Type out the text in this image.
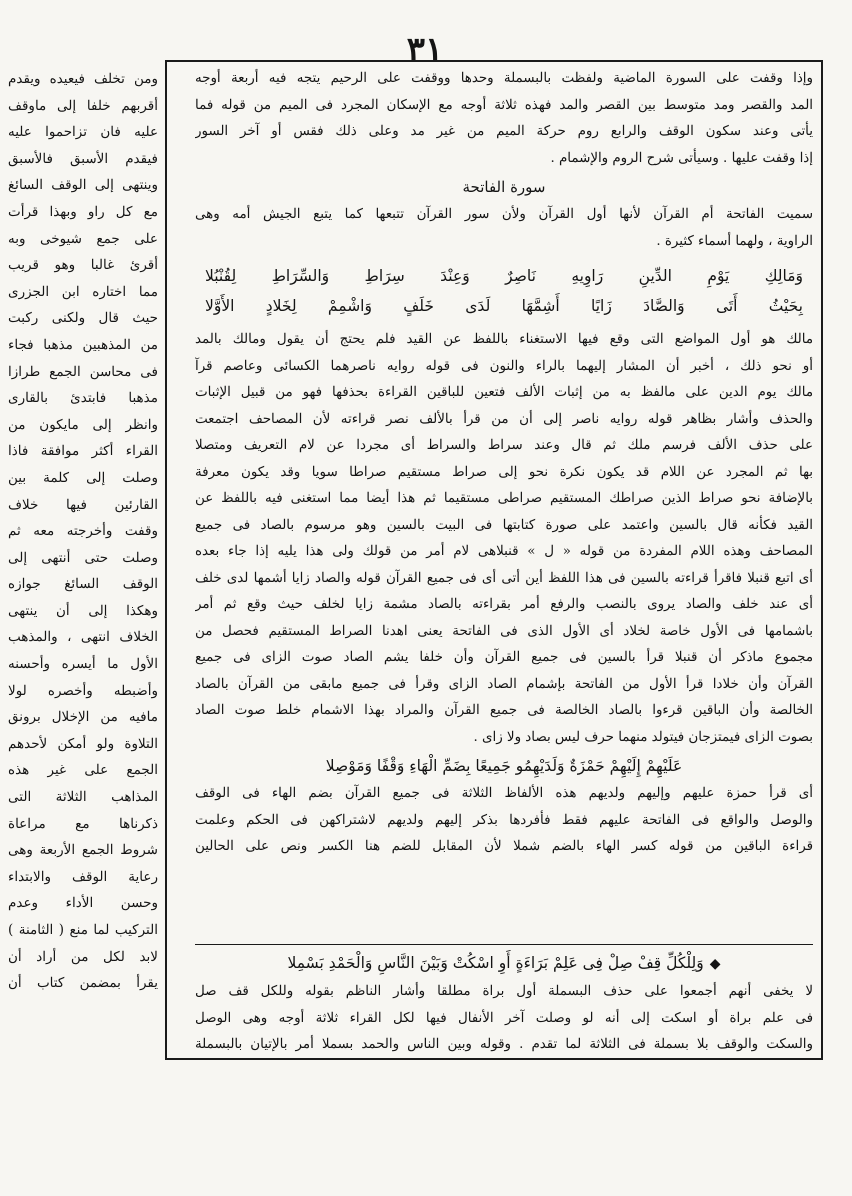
٣١

وإذا وقفت على السورة الماضية ولفظت بالبسملة وحدها ووقفت على الرحيم يتجه فيه أربعة أوجه

المد والقصر ومد متوسط بين القصر والمد فهذه ثلاثة أوجه مع الإسكان المجرد فى الميم من قوله فما

يأتى وعند سكون الوقف والرابع روم حركة الميم من غير مد وعلى ذلك فقس أو آخر السور

إذا وقفت عليها . وسيأتى شرح الروم والإشمام .

سورة الفاتحة

سميت الفاتحة أم القرآن لأنها أول القرآن ولأن سور القرآن تتبعها كما يتبع الجيش أمه وهى

الراوية ، ولهما أسماء كثيرة .

وَمَالِكِ يَوْمِ الدِّينِ رَاوِيهِ نَاصِرٌ وَعِنْدَ سِرَاطِ وَالسِّرَاطِ لِقُنْبُلا

بِحَيْثُ أَتَى وَالصَّادَ زَايًا أَشِمَّهَا لَدَى خَلَفٍ وَاشْمِمْ لِخَلادٍ الأَوَّلا

مالك هو أول المواضع التى وقع فيها الاستغناء باللفظ عن القيد فلم يحتج أن يقول ومالك بالمد

أو نحو ذلك ، أخبر أن المشار إليهما بالراء والنون فى قوله روايه ناصرهما الكسائى وعاصم قرآ

مالك يوم الدين على مالفظ به من إثبات الألف فتعين للباقين القراءة بحذفها فهو من قبيل الإثبات

والحذف وأشار بظاهر قوله روايه ناصر إلى أن من قرأ بالألف نصر قراءته لأن المصاحف اجتمعت

على حذف الألف فرسم ملك ثم قال وعند سراط والسراط أى مجردا عن لام التعريف ومتصلا

بها ثم المجرد عن اللام قد يكون نكرة نحو إلى صراط مستقيم صراطا سويا وقد يكون معرفة

بالإضافة نحو صراط الذين صراطك المستقيم صراطى مستقيما ثم هذا أيضا مما استغنى فيه باللفظ عن

القيد فكأنه قال بالسين واعتمد على صورة كتابتها فى البيت بالسين وهو مرسوم بالصاد فى جميع

المصاحف وهذه اللام المفردة من قوله « ل » قنبلاهى لام أمر من قولك ولى هذا يليه إذا جاء بعده

أى اتبع قنبلا فاقرأ قراءته بالسين فى هذا اللفظ أين أتى أى فى جميع القرآن قوله والصاد زايا أشمها لدى خلف

أى عند خلف والصاد يروى بالنصب والرفع أمر بقراءته بالصاد مشمة زايا لخلف حيث وقع ثم أمر

باشمامها فى الأول خاصة لخلاد أى الأول الذى فى الفاتحة يعنى اهدنا الصراط المستقيم فحصل من

مجموع ماذكر أن قنبلا قرأ بالسين فى جميع القرآن وأن خلفا يشم الصاد صوت الزاى فى جميع

القرآن وأن خلادا قرأ الأول من الفاتحة بإشمام الصاد الزاى وقرأ فى جميع مابقى من القرآن بالصاد

الخالصة وأن الباقين قرءوا بالصاد الخالصة فى جميع القرآن والمراد بهذا الاشمام خلط صوت الصاد

بصوت الزاى فيمتزجان فيتولد منهما حرف ليس بصاد ولا زاى .

عَلَيْهِمْ إِلَيْهِمْ حَمْزَةٌ وَلَدَيْهِمُو جَمِيعًا بِضَمِّ الْهَاءِ وَقْفًا وَمَوْصِلا

أى قرأ حمزة عليهم وإليهم ولديهم هذه الألفاظ الثلاثة فى جميع القرآن بضم الهاء فى الوقف

والوصل والواقع فى الفاتحة عليهم فقط فأفردها بذكر إليهم ولديهم لاشتراكهن فى الحكم وعلمت

قراءة الباقين من قوله كسر الهاء بالضم شملا لأن المقابل للضم هنا الكسر ونص على الحالين

◆وَلِلْكُلِّ قِفْ صِلْ فِى عَلِمْ بَرَاءَةٍ أَوِ اسْكُتْ وَبَيْنَ النَّاسِ وَالْحَمْدِ بَسْمِلا

لا يخفى أنهم أجمعوا على حذف البسملة أول براة مطلقا وأشار الناظم بقوله وللكل قف صل

فى علم براة أو اسكت إلى أنه لو وصلت آخر الأنفال فيها لكل القراء ثلاثة أوجه وهى الوصل

والسكت والوقف بلا بسملة فى الثلاثة لما تقدم . وقوله وبين الناس والحمد بسملا أمر بالإتيان بالبسملة

ومن تخلف فيعيده ويقدم

أقربهم خلفا إلى ماوقف

عليه فان تزاحموا عليه

فيقدم الأسبق فالأسبق

وينتهى إلى الوقف السائغ

مع كل راو وبهذا قرأت

على جمع شيوخى وبه

أقرئ غالبا وهو قريب

مما اختاره ابن الجزرى

حيث قال ولكنى ركبت

من المذهبين مذهبا فجاء

فى محاسن الجمع طرازا

مذهبا فابتدئ بالقارى

وانظر إلى مايكون من

القراء أكثر موافقة فاذا

وصلت إلى كلمة بين

القارئين فيها خلاف

وقفت وأخرجته معه ثم

وصلت حتى أنتهى إلى

الوقف السائغ جوازه

وهكذا إلى أن ينتهى

الخلاف انتهى ، والمذهب

الأول ما أيسره وأحسنه

وأضبطه وأخصره لولا

مافيه من الإخلال برونق

التلاوة ولو أمكن لأحدهم

الجمع على غير هذه

المذاهب الثلاثة التى

ذكرناها مع مراعاة

شروط الجمع الأربعة وهى

رعاية الوقف والابتداء

وحسن الأداء وعدم

التركيب لما منع ( الثامنة )

لابد لكل من أراد أن

يقرأ بمضمن كتاب أن
